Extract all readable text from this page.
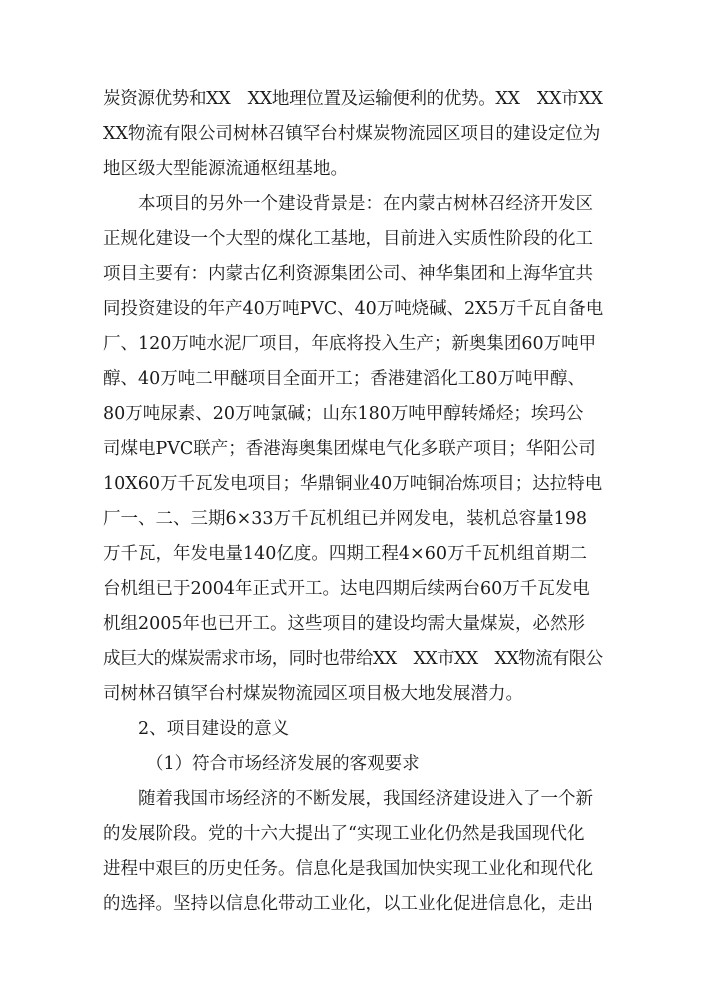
炭资源优势和XX　XX地理位置及运输便利的优势。XX　XX市XX
XX物流有限公司树林召镇罕台村煤炭物流园区项目的建设定位为
地区级大型能源流通枢纽基地。
本项目的另外一个建设背景是：在内蒙古树林召经济开发区
正规化建设一个大型的煤化工基地，目前进入实质性阶段的化工
项目主要有：内蒙古亿利资源集团公司、神华集团和上海华宜共
同投资建设的年产40万吨PVC、40万吨烧碱、2X5万千瓦自备电
厂、120万吨水泥厂项目，年底将投入生产；新奥集团60万吨甲
醇、40万吨二甲醚项目全面开工；香港建滔化工80万吨甲醇、
80万吨尿素、20万吨氯碱；山东180万吨甲醇转烯烃；埃玛公
司煤电PVC联产；香港海奥集团煤电气化多联产项目；华阳公司
10X60万千瓦发电项目；华鼎铜业40万吨铜冶炼项目；达拉特电
厂一、二、三期6×33万千瓦机组已并网发电，装机总容量198
万千瓦，年发电量140亿度。四期工程4×60万千瓦机组首期二
台机组已于2004年正式开工。达电四期后续两台60万千瓦发电
机组2005年也已开工。这些项目的建设均需大量煤炭，必然形
成巨大的煤炭需求市场，同时也带给XX　XX市XX　XX物流有限公
司树林召镇罕台村煤炭物流园区项目极大地发展潜力。
2、项目建设的意义
（1）符合市场经济发展的客观要求
随着我国市场经济的不断发展，我国经济建设进入了一个新
的发展阶段。党的十六大提出了“实现工业化仍然是我国现代化
进程中艰巨的历史任务。信息化是我国加快实现工业化和现代化
的选择。坚持以信息化带动工业化，以工业化促进信息化，走出
